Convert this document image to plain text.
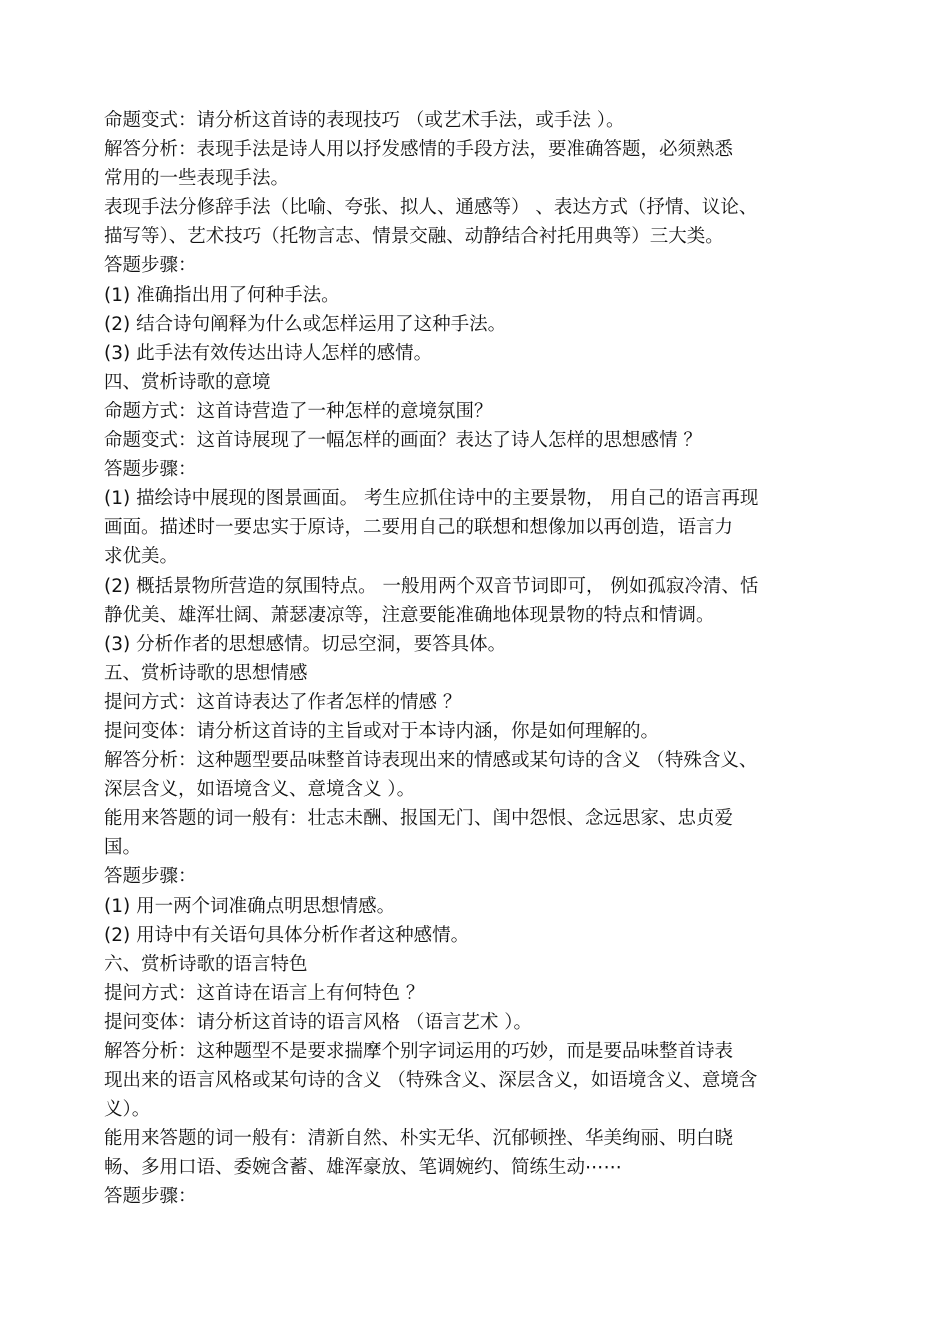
命题变式：请分析这首诗的表现技巧 （或艺术手法，或手法 ）。
解答分析：表现手法是诗人用以抒发感情的手段方法，要准确答题，必须熟悉
常用的一些表现手法。
表现手法分修辞手法（比喻、夸张、拟人、通感等） 、表达方式（抒情、议论、
描写等）、艺术技巧（托物言志、情景交融、动静结合衬托用典等）三大类。
答题步骤：
(1) 准确指出用了何种手法。
(2) 结合诗句阐释为什么或怎样运用了这种手法。
(3) 此手法有效传达出诗人怎样的感情。
四、赏析诗歌的意境
命题方式：这首诗营造了一种怎样的意境氛围？
命题变式：这首诗展现了一幅怎样的画面？表达了诗人怎样的思想感情 ？
答题步骤：
(1) 描绘诗中展现的图景画面。 考生应抓住诗中的主要景物， 用自己的语言再现
画面。描述时一要忠实于原诗，二要用自己的联想和想像加以再创造，语言力
求优美。
(2) 概括景物所营造的氛围特点。 一般用两个双音节词即可， 例如孤寂冷清、恬
静优美、雄浑壮阔、萧瑟凄凉等，注意要能准确地体现景物的特点和情调。
(3) 分析作者的思想感情。切忌空洞，要答具体。
五、赏析诗歌的思想情感
提问方式：这首诗表达了作者怎样的情感 ？
提问变体：请分析这首诗的主旨或对于本诗内涵，你是如何理解的。
解答分析：这种题型要品味整首诗表现出来的情感或某句诗的含义 （特殊含义、
深层含义，如语境含义、意境含义 ）。
能用来答题的词一般有：壮志未酬、报国无门、闺中怨恨、念远思家、忠贞爱
国。
答题步骤：
(1) 用一两个词准确点明思想情感。
(2) 用诗中有关语句具体分析作者这种感情。
六、赏析诗歌的语言特色
提问方式：这首诗在语言上有何特色 ？
提问变体：请分析这首诗的语言风格 （语言艺术 ）。
解答分析：这种题型不是要求揣摩个别字词运用的巧妙，而是要品味整首诗表
现出来的语言风格或某句诗的含义 （特殊含义、深层含义，如语境含义、意境含
义）。
能用来答题的词一般有：清新自然、朴实无华、沉郁顿挫、华美绚丽、明白晓
畅、多用口语、委婉含蓄、雄浑豪放、笔调婉约、简练生动⋯⋯
答题步骤：
